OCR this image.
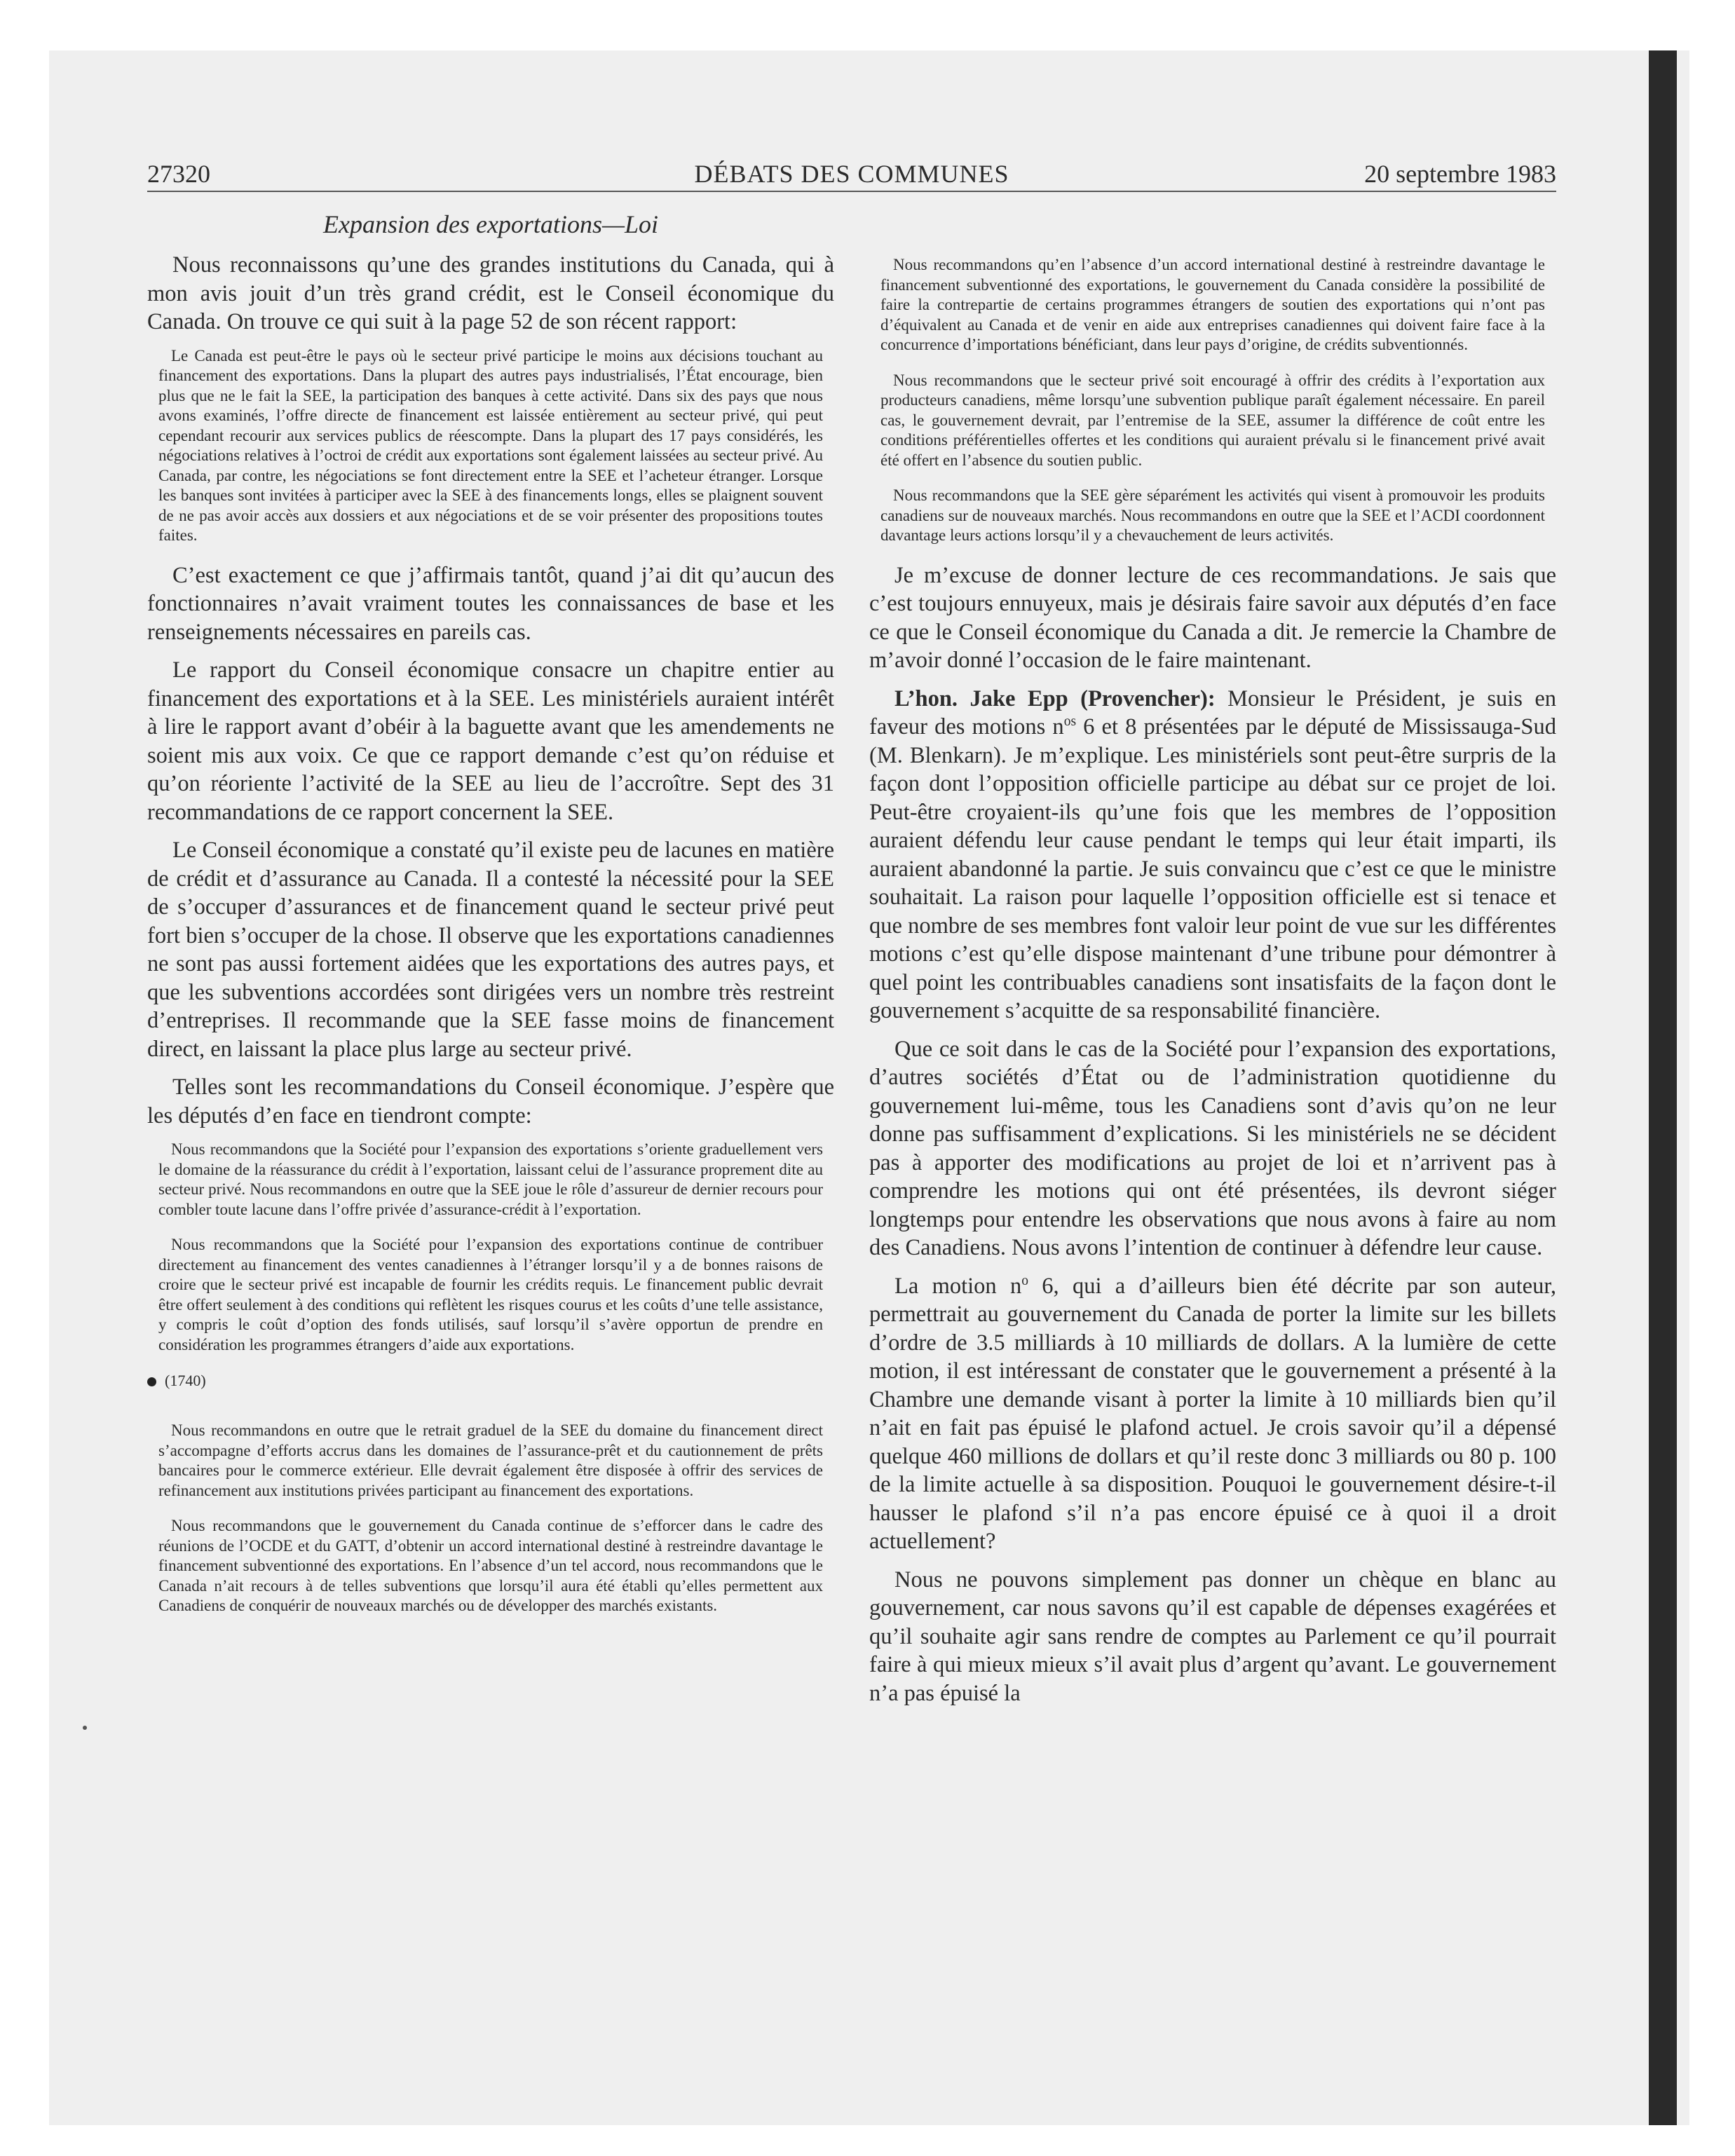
DÉBATS DES COMMUNES
27320	20 septembre 1983
Expansion des exportations—Loi

Nous reconnaissons qu’une des grandes institutions du Canada, qui à mon avis jouit d’un très grand crédit, est le Conseil économique du Canada. On trouve ce qui suit à la page 52 de son récent rapport:

Le Canada est peut-être le pays où le secteur privé participe le moins aux décisions touchant au financement des exportations. Dans la plupart des autres pays industrialisés, l’État encourage, bien plus que ne le fait la SEE, la participation des banques à cette activité. Dans six des pays que nous avons examinés, l’offre directe de financement est laissée entièrement au secteur privé, qui peut cependant recourir aux services publics de réescompte. Dans la plupart des 17 pays considérés, les négociations relatives à l’octroi de crédit aux exportations sont également laissées au secteur privé. Au Canada, par contre, les négociations se font directement entre la SEE et l’acheteur étranger. Lorsque les banques sont invitées à participer avec la SEE à des financements longs, elles se plaignent souvent de ne pas avoir accès aux dossiers et aux négociations et de se voir présenter des propositions toutes faites.

C’est exactement ce que j’affirmais tantôt, quand j’ai dit qu’aucun des fonctionnaires n’avait vraiment toutes les connaissances de base et les renseignements nécessaires en pareils cas.

Le rapport du Conseil économique consacre un chapitre entier au financement des exportations et à la SEE. Les ministériels auraient intérêt à lire le rapport avant d’obéir à la baguette avant que les amendements ne soient mis aux voix. Ce que ce rapport demande c’est qu’on réduise et qu’on réoriente l’activité de la SEE au lieu de l’accroître. Sept des 31 recommandations de ce rapport concernent la SEE.

Le Conseil économique a constaté qu’il existe peu de lacunes en matière de crédit et d’assurance au Canada. Il a contesté la nécessité pour la SEE de s’occuper d’assurances et de financement quand le secteur privé peut fort bien s’occuper de la chose. Il observe que les exportations canadiennes ne sont pas aussi fortement aidées que les exportations des autres pays, et que les subventions accordées sont dirigées vers un nombre très restreint d’entreprises. Il recommande que la SEE fasse moins de financement direct, en laissant la place plus large au secteur privé.

Telles sont les recommandations du Conseil économique. J’espère que les députés d’en face en tiendront compte:

Nous recommandons que la Société pour l’expansion des exportations s’oriente graduellement vers le domaine de la réassurance du crédit à l’exportation, laissant celui de l’assurance proprement dite au secteur privé. Nous recommandons en outre que la SEE joue le rôle d’assureur de dernier recours pour combler toute lacune dans l’offre privée d’assurance-crédit à l’exportation.

Nous recommandons que la Société pour l’expansion des exportations continue de contribuer directement au financement des ventes canadiennes à l’étranger lorsqu’il y a de bonnes raisons de croire que le secteur privé est incapable de fournir les crédits requis. Le financement public devrait être offert seulement à des conditions qui reflètent les risques courus et les coûts d’une telle assistance, y compris le coût d’option des fonds utilisés, sauf lorsqu’il s’avère opportun de prendre en considération les programmes étrangers d’aide aux exportations.

(1740)

Nous recommandons en outre que le retrait graduel de la SEE du domaine du financement direct s’accompagne d’efforts accrus dans les domaines de l’assurance-prêt et du cautionnement de prêts bancaires pour le commerce extérieur. Elle devrait également être disposée à offrir des services de refinancement aux institutions privées participant au financement des exportations.

Nous recommandons que le gouvernement du Canada continue de s’efforcer dans le cadre des réunions de l’OCDE et du GATT, d’obtenir un accord international destiné à restreindre davantage le financement subventionné des exportations. En l’absence d’un tel accord, nous recommandons que le Canada n’ait recours à de telles subventions que lorsqu’il aura été établi qu’elles permettent aux Canadiens de conquérir de nouveaux marchés ou de développer des marchés existants.

Nous recommandons qu’en l’absence d’un accord international destiné à restreindre davantage le financement subventionné des exportations, le gouvernement du Canada considère la possibilité de faire la contrepartie de certains programmes étrangers de soutien des exportations qui n’ont pas d’équivalent au Canada et de venir en aide aux entreprises canadiennes qui doivent faire face à la concurrence d’importations bénéficiant, dans leur pays d’origine, de crédits subventionnés.

Nous recommandons que le secteur privé soit encouragé à offrir des crédits à l’exportation aux producteurs canadiens, même lorsqu’une subvention publique paraît également nécessaire. En pareil cas, le gouvernement devrait, par l’entremise de la SEE, assumer la différence de coût entre les conditions préférentielles offertes et les conditions qui auraient prévalu si le financement privé avait été offert en l’absence du soutien public.

Nous recommandons que la SEE gère séparément les activités qui visent à promouvoir les produits canadiens sur de nouveaux marchés. Nous recommandons en outre que la SEE et l’ACDI coordonnent davantage leurs actions lorsqu’il y a chevauchement de leurs activités.

Je m’excuse de donner lecture de ces recommandations. Je sais que c’est toujours ennuyeux, mais je désirais faire savoir aux députés d’en face ce que le Conseil économique du Canada a dit. Je remercie la Chambre de m’avoir donné l’occasion de le faire maintenant.

L’hon. Jake Epp (Provencher): Monsieur le Président, je suis en faveur des motions $n^{os}$ 6 et 8 présentées par le député de Mississauga-Sud (M. Blenkarn). Je m’explique. Les ministériels sont peut-être surpris de la façon dont l’opposition officielle participe au débat sur ce projet de loi. Peut-être croyaient-ils qu’une fois que les membres de l’opposition auraient défendu leur cause pendant le temps qui leur était imparti, ils auraient abandonné la partie. Je suis convaincu que c’est ce que le ministre souhaitait. La raison pour laquelle l’opposition officielle est si tenace et que nombre de ses membres font valoir leur point de vue sur les différentes motions c’est qu’elle dispose maintenant d’une tribune pour démontrer à quel point les contribuables canadiens sont insatisfaits de la façon dont le gouvernement s’acquitte de sa responsabilité financière.

Que ce soit dans le cas de la Société pour l’expansion des exportations, d’autres sociétés d’État ou de l’administration quotidienne du gouvernement lui-même, tous les Canadiens sont d’avis qu’on ne leur donne pas suffisamment d’explications. Si les ministériels ne se décident pas à apporter des modifications au projet de loi et n’arrivent pas à comprendre les motions qui ont été présentées, ils devront siéger longtemps pour entendre les observations que nous avons à faire au nom des Canadiens. Nous avons l’intention de continuer à défendre leur cause.

La motion $n^o$ 6, qui a d’ailleurs bien été décrite par son auteur, permettrait au gouvernement du Canada de porter la limite sur les billets d’ordre de 3.5 milliards à 10 milliards de dollars. A la lumière de cette motion, il est intéressant de constater que le gouvernement a présenté à la Chambre une demande visant à porter la limite à 10 milliards bien qu’il n’ait en fait pas épuisé le plafond actuel. Je crois savoir qu’il a dépensé quelque 460 millions de dollars et qu’il reste donc 3 milliards ou 80 p. 100 de la limite actuelle à sa disposition. Pouquoi le gouvernement désire-t-il hausser le plafond s’il n’a pas encore épuisé ce à quoi il a droit actuellement?

Nous ne pouvons simplement pas donner un chèque en blanc au gouvernement, car nous savons qu’il est capable de dépenses exagérées et qu’il souhaite agir sans rendre de comptes au Parlement ce qu’il pourrait faire à qui mieux mieux s’il avait plus d’argent qu’avant. Le gouvernement n’a pas épuisé la
